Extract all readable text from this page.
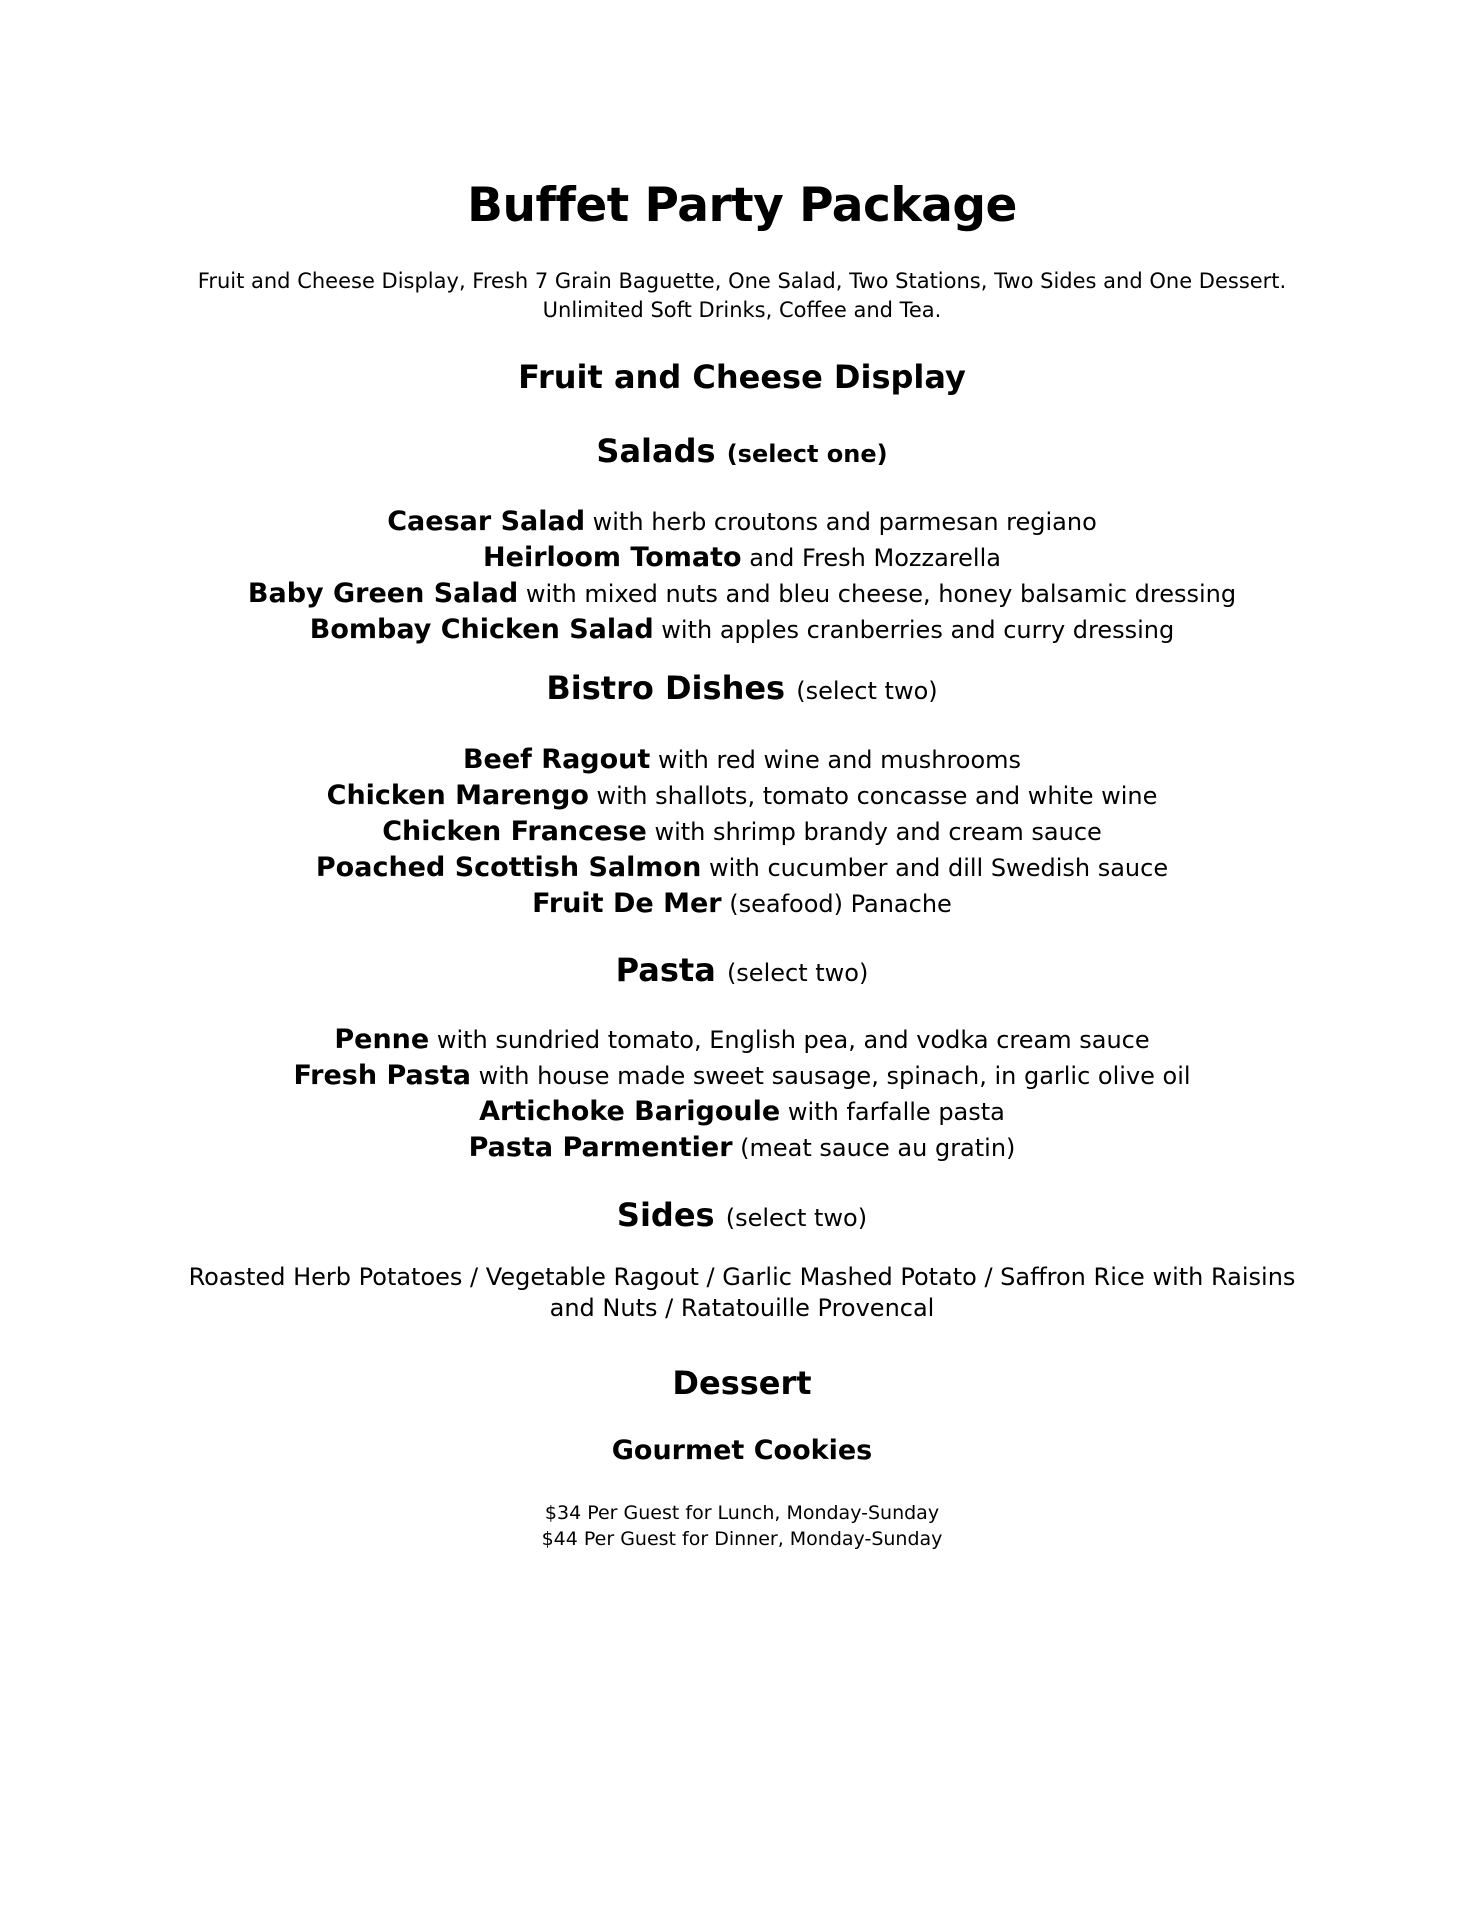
Buffet Party Package
Fruit and Cheese Display, Fresh 7 Grain Baguette, One Salad, Two Stations, Two Sides and One Dessert.
Unlimited Soft Drinks, Coffee and Tea.
Fruit and Cheese Display
Salads (select one)
Caesar Salad with herb croutons and parmesan regiano
Heirloom Tomato and Fresh Mozzarella
Baby Green Salad with mixed nuts and bleu cheese, honey balsamic dressing
Bombay Chicken Salad with apples cranberries and curry dressing
Bistro Dishes (select two)
Beef Ragout with red wine and mushrooms
Chicken Marengo with shallots, tomato concasse and white wine
Chicken Francese with shrimp brandy and cream sauce
Poached Scottish Salmon with cucumber and dill Swedish sauce
Fruit De Mer (seafood) Panache
Pasta (select two)
Penne with sundried tomato, English pea, and vodka cream sauce
Fresh Pasta with house made sweet sausage, spinach, in garlic olive oil
Artichoke Barigoule with farfalle pasta
Pasta Parmentier (meat sauce au gratin)
Sides (select two)
Roasted Herb Potatoes / Vegetable Ragout / Garlic Mashed Potato / Saffron Rice with Raisins
and Nuts / Ratatouille Provencal
Dessert
Gourmet Cookies
$34 Per Guest for Lunch, Monday-Sunday
$44 Per Guest for Dinner, Monday-Sunday
